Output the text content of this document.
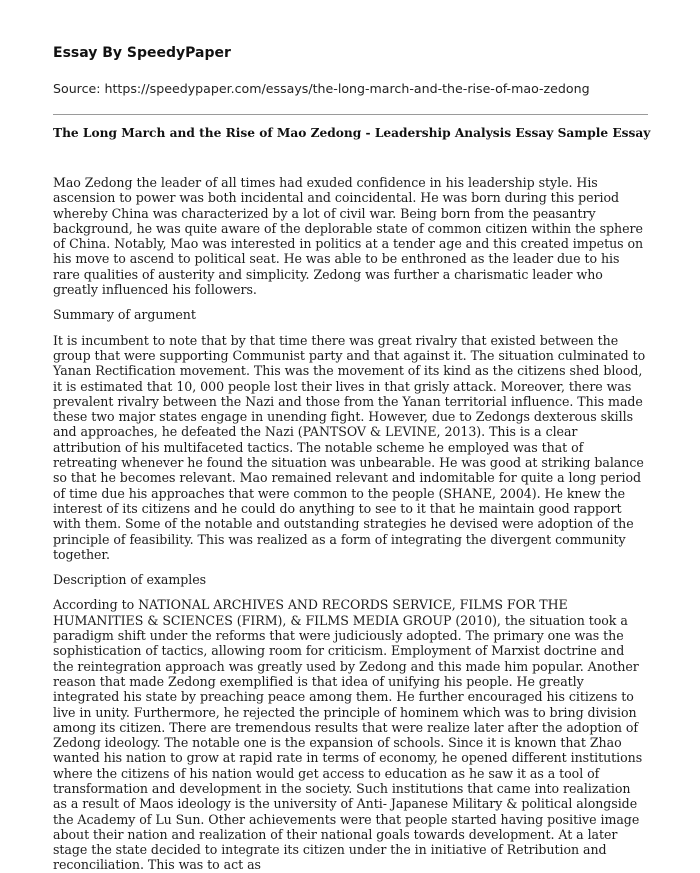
Essay By SpeedyPaper
Source: https://speedypaper.com/essays/the-long-march-and-the-rise-of-mao-zedong
The Long March and the Rise of Mao Zedong - Leadership Analysis Essay Sample Essay

Mao Zedong the leader of all times had exuded confidence in his leadership style. His ascension to power was both incidental and coincidental. He was born during this period whereby China was characterized by a lot of civil war. Being born from the peasantry background, he was quite aware of the deplorable state of common citizen within the sphere of China. Notably, Mao was interested in politics at a tender age and this created impetus on his move to ascend to political seat. He was able to be enthroned as the leader due to his rare qualities of austerity and simplicity. Zedong was further a charismatic leader who greatly influenced his followers.

Summary of argument

It is incumbent to note that by that time there was great rivalry that existed between the group that were supporting Communist party and that against it. The situation culminated to Yanan Rectification movement. This was the movement of its kind as the citizens shed blood, it is estimated that 10, 000 people lost their lives in that grisly attack. Moreover, there was prevalent rivalry between the Nazi and those from the Yanan territorial influence. This made these two major states engage in unending fight. However, due to Zedongs dexterous skills and approaches, he defeated the Nazi (PANTSOV & LEVINE, 2013). This is a clear attribution of his multifaceted tactics. The notable scheme he employed was that of retreating whenever he found the situation was unbearable. He was good at striking balance so that he becomes relevant. Mao remained relevant and indomitable for quite a long period of time due his approaches that were common to the people (SHANE, 2004). He knew the interest of its citizens and he could do anything to see to it that he maintain good rapport with them. Some of the notable and outstanding strategies he devised were adoption of the principle of feasibility. This was realized as a form of integrating the divergent community together.

Description of examples

According to NATIONAL ARCHIVES AND RECORDS SERVICE, FILMS FOR THE HUMANITIES & SCIENCES (FIRM), & FILMS MEDIA GROUP (2010), the situation took a paradigm shift under the reforms that were judiciously adopted. The primary one was the sophistication of tactics, allowing room for criticism. Employment of Marxist doctrine and the reintegration approach was greatly used by Zedong and this made him popular. Another reason that made Zedong exemplified is that idea of unifying his people. He greatly integrated his state by preaching peace among them. He further encouraged his citizens to live in unity. Furthermore, he rejected the principle of hominem which was to bring division among its citizen. There are tremendous results that were realize later after the adoption of Zedong ideology. The notable one is the expansion of schools. Since it is known that Zhao wanted his nation to grow at rapid rate in terms of economy, he opened different institutions where the citizens of his nation would get access to education as he saw it as a tool of transformation and development in the society. Such institutions that came into realization as a result of Maos ideology is the university of Anti- Japanese Military & political alongside the Academy of Lu Sun. Other achievements were that people started having positive image about their nation and realization of their national goals towards development. At a later stage the state decided to integrate its citizen under the in initiative of Retribution and reconciliation. This was to act as
